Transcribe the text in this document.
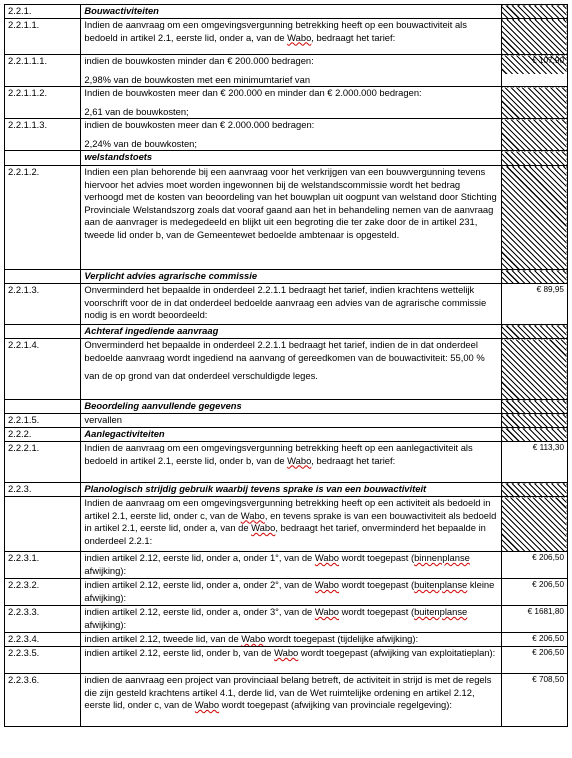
2.2.1.	Bouwactiviteiten	
2.2.1.1.	Indien de aanvraag om een omgevingsvergunning betrekking heeft op een bouwactiviteit als bedoeld in artikel 2.1, eerste lid, onder a, van de Wabo, bedraagt het tarief:	
2.2.1.1.1.	indien de bouwkosten minder dan € 200.000 bedragen:
2,98% van de bouwkosten met een minimumtarief van	€ 107,90
2.2.1.1.2.	Indien de bouwkosten meer dan € 200.000 en minder dan € 2.000.000 bedragen:
2,61 van de bouwkosten;	

2.2.1.1.3.	indien de bouwkosten meer dan € 2.000.000 bedragen:
2,24% van de bouwkosten;	

	welstandstoets	
2.2.1.2.	Indien een plan behorende bij een aanvraag voor het verkrijgen van een bouwvergunning tevens hiervoor het advies moet worden ingewonnen bij de welstandscommissie wordt het bedrag verhoogd met de kosten van beoordeling van het bouwplan uit oogpunt van welstand door Stichting Provinciale Welstandszorg zoals dat vooraf gaand aan het in behandeling nemen van de aanvraag aan de aanvrager is medegedeeld en blijkt uit een begroting die ter zake door de in artikel 231, tweede lid onder b, van de Gemeentewet bedoelde ambtenaar is opgesteld.	
	Verplicht advies agrarische commissie	
2.2.1.3.	Onverminderd het bepaalde in onderdeel 2.2.1.1 bedraagt het tarief, indien krachtens wettelijk voorschrift voor de in dat onderdeel bedoelde aanvraag een advies van de agrarische commissie nodig is en wordt beoordeeld:	€ 89,95
	Achteraf ingediende aanvraag	
2.2.1.4.	Onverminderd het bepaalde in onderdeel 2.2.1.1 bedraagt het tarief, indien de in dat onderdeel bedoelde aanvraag wordt ingediend na aanvang of gereedkomen van de bouwactiviteit: 55,00 %
van de op grond van dat onderdeel verschuldigde leges.	

	Beoordeling aanvullende gegevens	
2.2.1.5.	vervallen	
2.2.2.	Aanlegactiviteiten	
2.2.2.1.	Indien de aanvraag om een omgevingsvergunning betrekking heeft op een aanlegactiviteit als bedoeld in artikel 2.1, eerste lid, onder b, van de Wabo, bedraagt het tarief:	€ 113,30
2.2.3.	Planologisch strijdig gebruik waarbij tevens sprake is van een bouwactiviteit	
	Indien de aanvraag om een omgevingsvergunning betrekking heeft op een activiteit als bedoeld in artikel 2.1, eerste lid, onder c, van de Wabo, en tevens sprake is van een bouwactiviteit als bedoeld in artikel 2.1, eerste lid, onder a, van de Wabo, bedraagt het tarief, onverminderd het bepaalde in onderdeel 2.2.1:	
2.2.3.1.	indien artikel 2.12, eerste lid, onder a, onder 1°, van de Wabo wordt toegepast (binnenplanse afwijking):	€ 206,50
2.2.3.2.	indien artikel 2.12, eerste lid, onder a, onder 2°, van de Wabo wordt toegepast (buitenplanse kleine afwijking):	€ 206,50
2.2.3.3.	indien artikel 2.12, eerste lid, onder a, onder 3°, van de Wabo wordt toegepast (buitenplanse afwijking):	€ 1681,80
2.2.3.4.	indien artikel 2.12, tweede lid, van de Wabo wordt toegepast (tijdelijke afwijking):	€ 206,50
2.2.3.5.	indien artikel 2.12, eerste lid, onder b, van de Wabo wordt toegepast (afwijking van exploitatieplan):	€ 206,50
2.2.3.6.	indien de aanvraag een project van provinciaal belang betreft, de activiteit in strijd is met de regels die zijn gesteld krachtens artikel 4.1, derde lid, van de Wet ruimtelijke ordening en artikel 2.12, eerste lid, onder c, van de Wabo wordt toegepast (afwijking van provinciale regelgeving):	€ 708,50
